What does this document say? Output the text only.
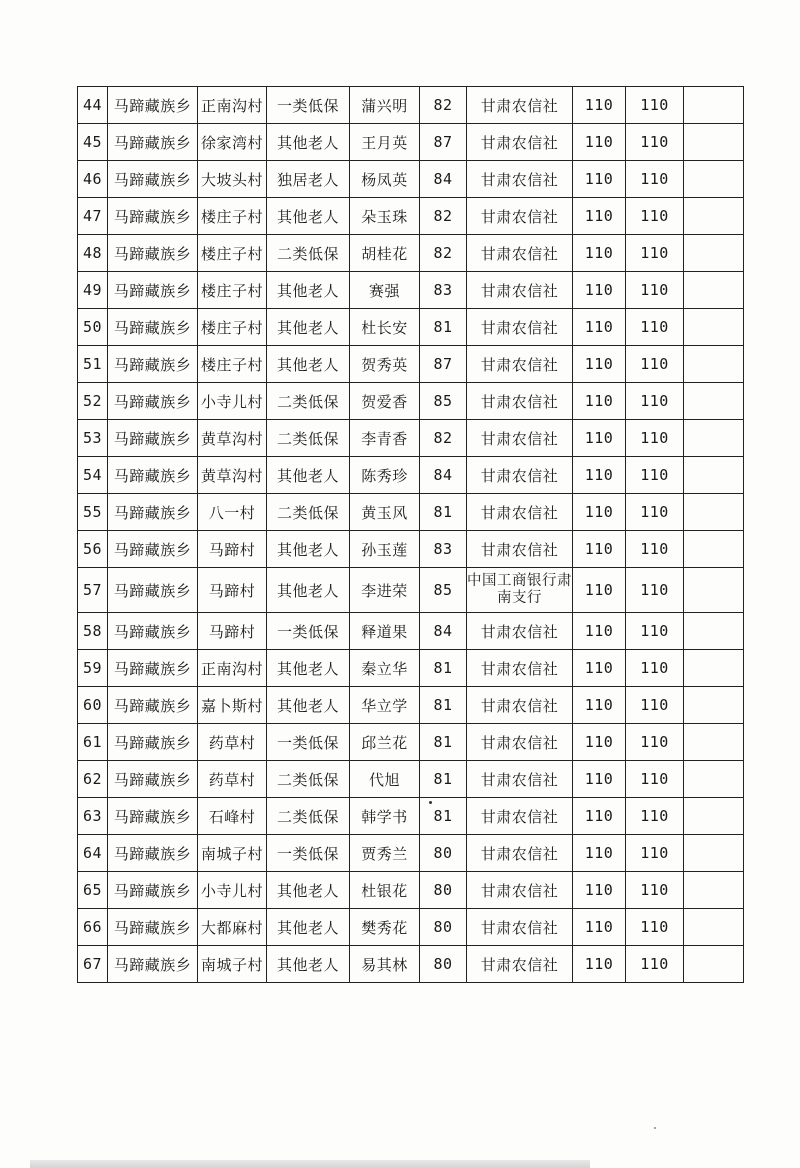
44	马蹄藏族乡	正南沟村	一类低保	蒲兴明	82	甘肃农信社	110	110	
45	马蹄藏族乡	徐家湾村	其他老人	王月英	87	甘肃农信社	110	110	
46	马蹄藏族乡	大坡头村	独居老人	杨凤英	84	甘肃农信社	110	110	
47	马蹄藏族乡	楼庄子村	其他老人	朵玉珠	82	甘肃农信社	110	110	
48	马蹄藏族乡	楼庄子村	二类低保	胡桂花	82	甘肃农信社	110	110	
49	马蹄藏族乡	楼庄子村	其他老人	赛强	83	甘肃农信社	110	110	
50	马蹄藏族乡	楼庄子村	其他老人	杜长安	81	甘肃农信社	110	110	
51	马蹄藏族乡	楼庄子村	其他老人	贺秀英	87	甘肃农信社	110	110	
52	马蹄藏族乡	小寺儿村	二类低保	贺爱香	85	甘肃农信社	110	110	
53	马蹄藏族乡	黄草沟村	二类低保	李青香	82	甘肃农信社	110	110	
54	马蹄藏族乡	黄草沟村	其他老人	陈秀珍	84	甘肃农信社	110	110	
55	马蹄藏族乡	八一村	二类低保	黄玉风	81	甘肃农信社	110	110	
56	马蹄藏族乡	马蹄村	其他老人	孙玉莲	83	甘肃农信社	110	110	
57	马蹄藏族乡	马蹄村	其他老人	李进荣	85	中国工商银行肃南支行	110	110	
58	马蹄藏族乡	马蹄村	一类低保	释道果	84	甘肃农信社	110	110	
59	马蹄藏族乡	正南沟村	其他老人	秦立华	81	甘肃农信社	110	110	
60	马蹄藏族乡	嘉卜斯村	其他老人	华立学	81	甘肃农信社	110	110	
61	马蹄藏族乡	药草村	一类低保	邱兰花	81	甘肃农信社	110	110	
62	马蹄藏族乡	药草村	二类低保	代旭	81	甘肃农信社	110	110	
63	马蹄藏族乡	石峰村	二类低保	韩学书	81	甘肃农信社	110	110	
64	马蹄藏族乡	南城子村	一类低保	贾秀兰	80	甘肃农信社	110	110	
65	马蹄藏族乡	小寺儿村	其他老人	杜银花	80	甘肃农信社	110	110	
66	马蹄藏族乡	大都麻村	其他老人	樊秀花	80	甘肃农信社	110	110	
67	马蹄藏族乡	南城子村	其他老人	易其林	80	甘肃农信社	110	110	
